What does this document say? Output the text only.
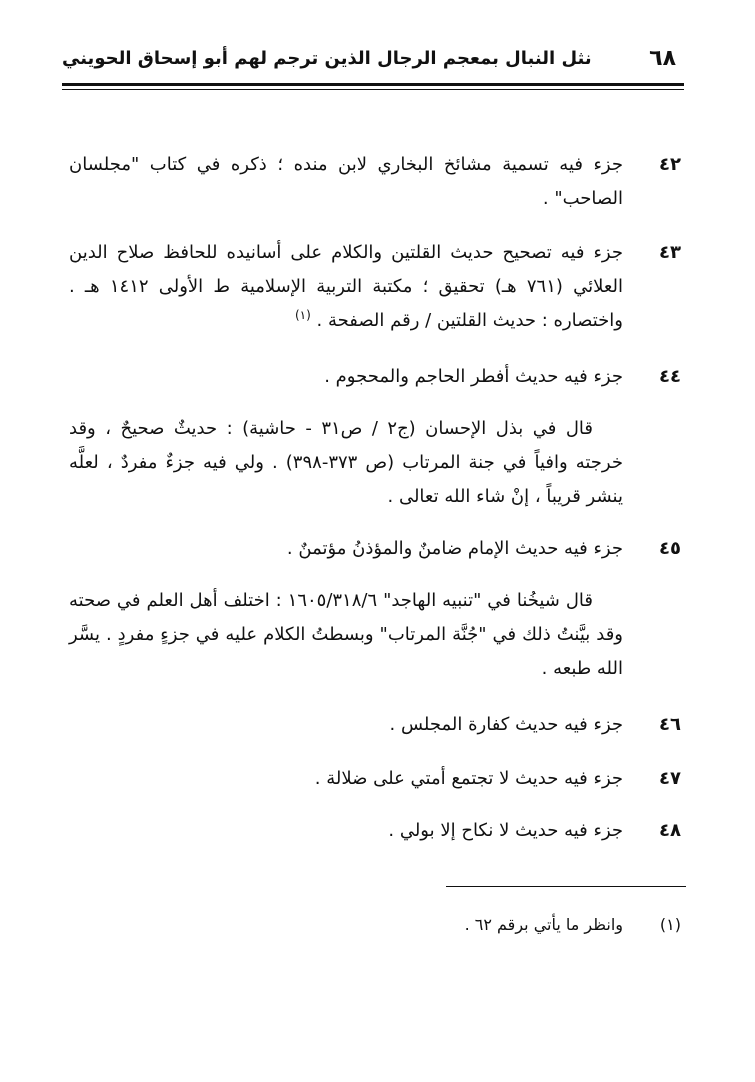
٦٨
نثل النبال بمعجم الرجال الذين ترجم لهم أبو إسحاق الحويني
٤٢
جزء فيه تسمية مشائخ البخاري لابن منده ؛ ذكره في كتاب "مجلسان الصاحب" .
٤٣
جزء فيه تصحيح حديث القلتين والكلام على أسانيده للحافظ صلاح الدين العلائي (٧٦١ هـ) تحقيق ؛ مكتبة التربية الإسلامية ط الأولى ١٤١٢ هـ . واختصاره : حديث القلتين / رقم الصفحة . $^{(١)}$
٤٤
جزء فيه حديث أفطر الحاجم والمحجوم .
قال في بذل الإحسان (ج٢ / ص٣١ - حاشية) : حديثٌ صحيحٌ ، وقد خرجته وافياً في جنة المرتاب (ص ٣٧٣-٣٩٨) . ولي فيه جزءٌ مفردٌ ، لعلَّه ينشر قريباً ، إنْ شاء الله تعالى .
٤٥
جزء فيه حديث الإمام ضامنٌ والمؤذنُ مؤتمنٌ .
قال شيخُنا في "تنبيه الهاجد" ١٦٠٥/٣١٨/٦ : اختلف أهل العلم في صحته وقد بيَّنتُ ذلك في "جُنَّة المرتاب" وبسطتُ الكلام عليه في جزءٍ مفردٍ . يسَّر الله طبعه .
٤٦
جزء فيه حديث كفارة المجلس .
٤٧
جزء فيه حديث لا تجتمع أمتي على ضلالة .
٤٨
جزء فيه حديث لا نكاح إلا بولي .
(١)
وانظر ما يأتي برقم ٦٢ .
